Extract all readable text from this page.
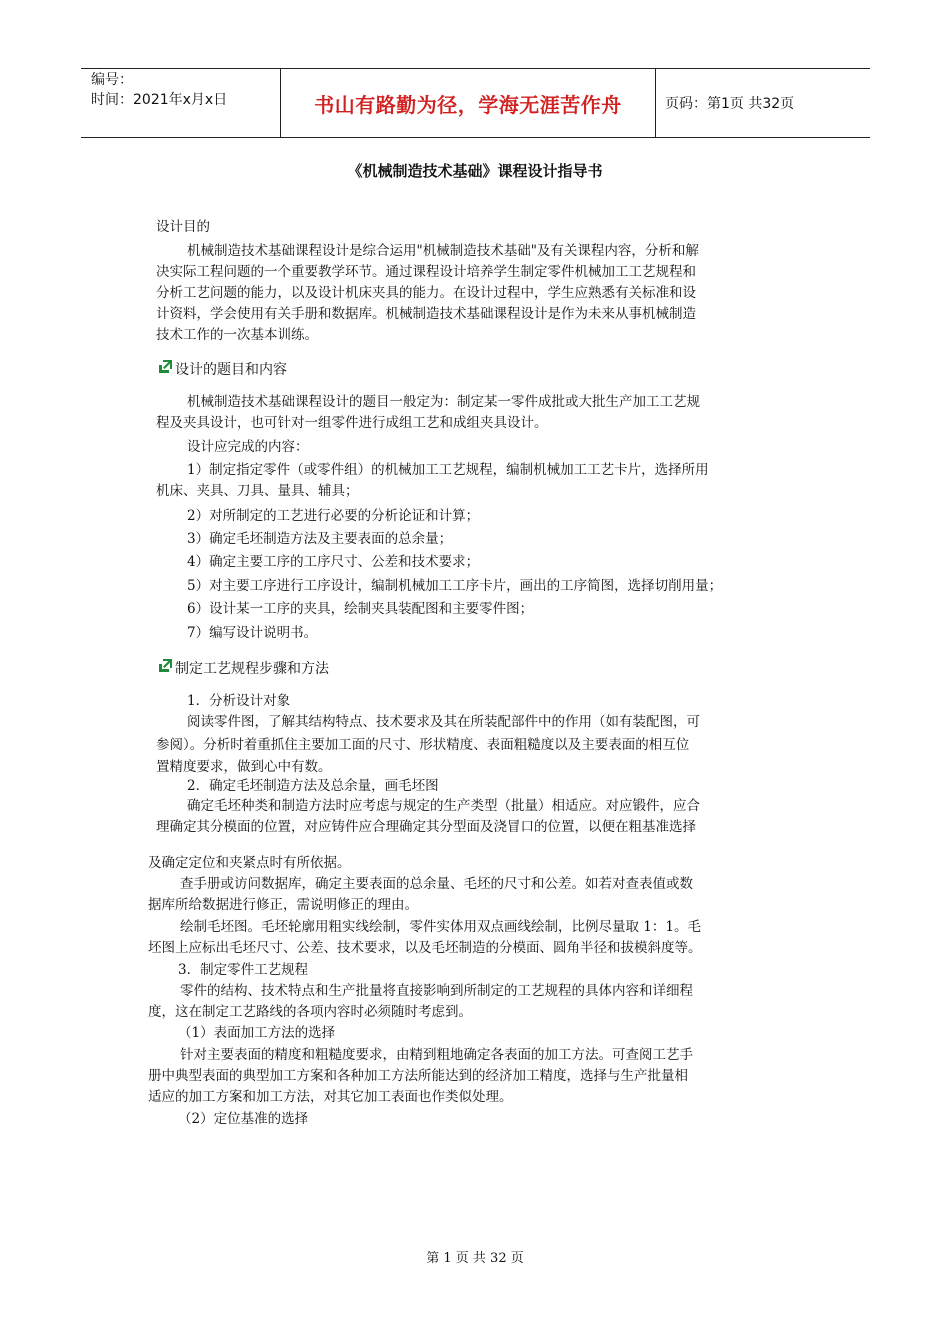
编号：
时间：2021年x月x日	书山有路勤为径，学海无涯苦作舟	页码：第1页 共32页
《机械制造技术基础》课程设计指导书
设计目的
机械制造技术基础课程设计是综合运用"机械制造技术基础"及有关课程内容，分析和解
决实际工程问题的一个重要教学环节。通过课程设计培养学生制定零件机械加工工艺规程和
分析工艺问题的能力，以及设计机床夹具的能力。在设计过程中，学生应熟悉有关标准和设
计资料，学会使用有关手册和数据库。机械制造技术基础课程设计是作为未来从事机械制造
技术工作的一次基本训练。
设计的题目和内容
机械制造技术基础课程设计的题目一般定为：制定某一零件成批或大批生产加工工艺规
程及夹具设计，也可针对一组零件进行成组工艺和成组夹具设计。
设计应完成的内容：
1）制定指定零件（或零件组）的机械加工工艺规程，编制机械加工工艺卡片，选择所用
机床、夹具、刀具、量具、辅具；
2）对所制定的工艺进行必要的分析论证和计算；
3）确定毛坯制造方法及主要表面的总余量；
4）确定主要工序的工序尺寸、公差和技术要求；
5）对主要工序进行工序设计，编制机械加工工序卡片，画出的工序简图，选择切削用量；
6）设计某一工序的夹具，绘制夹具装配图和主要零件图；
7）编写设计说明书。
制定工艺规程步骤和方法
1．分析设计对象
阅读零件图，了解其结构特点、技术要求及其在所装配部件中的作用（如有装配图，可
参阅）。分析时着重抓住主要加工面的尺寸、形状精度、表面粗糙度以及主要表面的相互位
置精度要求，做到心中有数。
2．确定毛坯制造方法及总余量，画毛坯图
确定毛坯种类和制造方法时应考虑与规定的生产类型（批量）相适应。对应锻件，应合
理确定其分模面的位置，对应铸件应合理确定其分型面及浇冒口的位置，以便在粗基准选择
及确定定位和夹紧点时有所依据。
查手册或访问数据库，确定主要表面的总余量、毛坯的尺寸和公差。如若对查表值或数
据库所给数据进行修正，需说明修正的理由。
绘制毛坯图。毛坯轮廓用粗实线绘制，零件实体用双点画线绘制，比例尽量取 1：1。毛
坯图上应标出毛坯尺寸、公差、技术要求，以及毛坯制造的分模面、圆角半径和拔模斜度等。
3．制定零件工艺规程
零件的结构、技术特点和生产批量将直接影响到所制定的工艺规程的具体内容和详细程
度，这在制定工艺路线的各项内容时必须随时考虑到。
（1）表面加工方法的选择
针对主要表面的精度和粗糙度要求，由精到粗地确定各表面的加工方法。可查阅工艺手
册中典型表面的典型加工方案和各种加工方法所能达到的经济加工精度，选择与生产批量相
适应的加工方案和加工方法，对其它加工表面也作类似处理。
（2）定位基准的选择
第 1 页 共 32 页
